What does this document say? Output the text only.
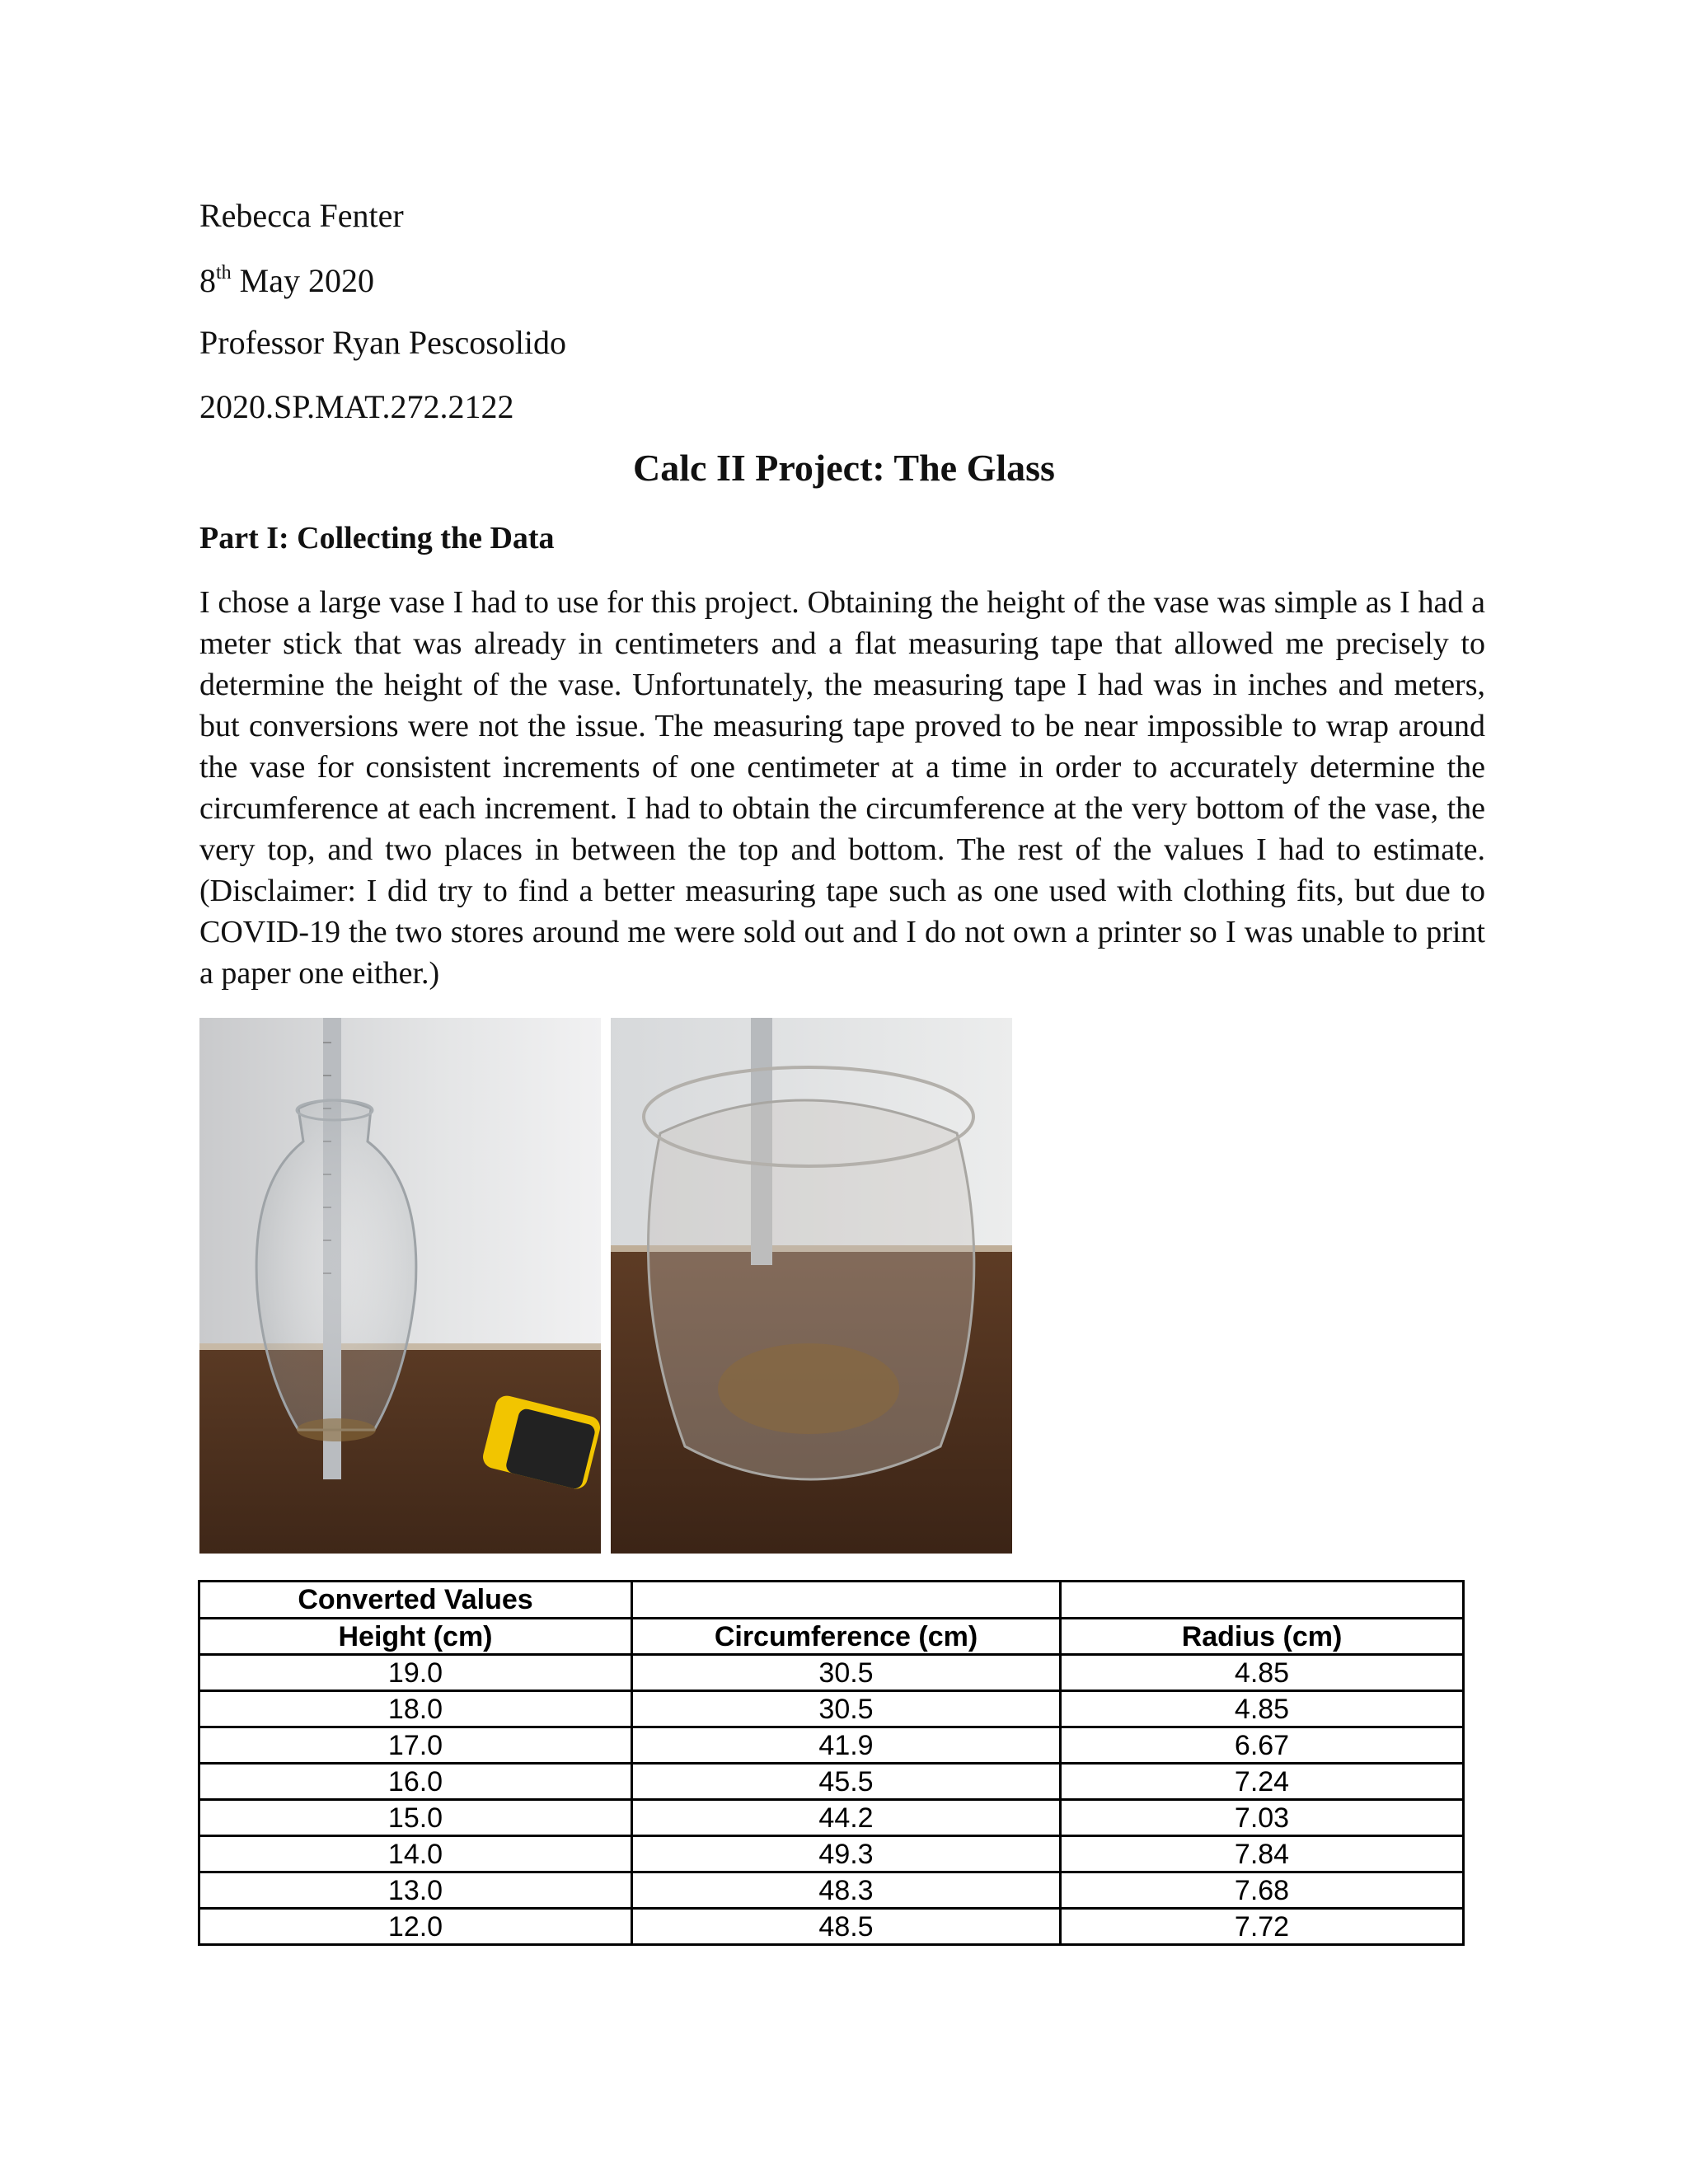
Rebecca Fenter
8th May 2020
Professor Ryan Pescosolido
2020.SP.MAT.272.2122
Calc II Project: The Glass
Part I: Collecting the Data

I chose a large vase I had to use for this project. Obtaining the height of the vase was simple as I had a meter stick that was already in centimeters and a flat measuring tape that allowed me precisely to determine the height of the vase. Unfortunately, the measuring tape I had was in inches and meters, but conversions were not the issue. The measuring tape proved to be near impossible to wrap around the vase for consistent increments of one centimeter at a time in order to accurately determine the circumference at each increment. I had to obtain the circumference at the very bottom of the vase, the very top, and two places in between the top and bottom. The rest of the values I had to estimate. (Disclaimer: I did try to find a better measuring tape such as one used with clothing fits, but due to COVID-19 the two stores around me were sold out and I do not own a printer so I was unable to print a paper one either.)

Converted Values		
Height (cm)	Circumference (cm)	Radius (cm)
19.0	30.5	4.85
18.0	30.5	4.85
17.0	41.9	6.67
16.0	45.5	7.24
15.0	44.2	7.03
14.0	49.3	7.84
13.0	48.3	7.68
12.0	48.5	7.72
